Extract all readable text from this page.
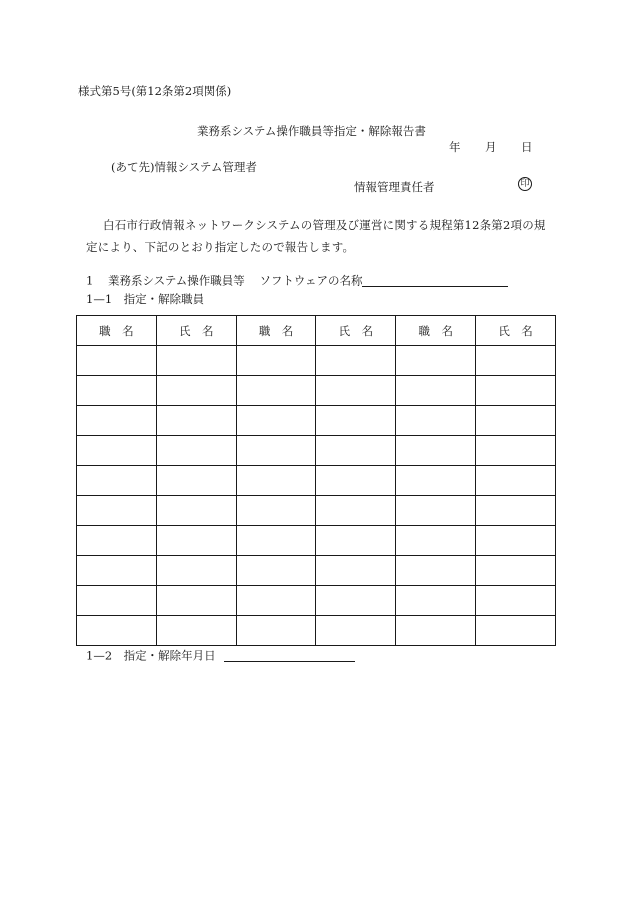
様式第5号(第12条第2項関係)
業務系システム操作職員等指定・解除報告書
年 月 日
(あて先)情報システム管理者
情報管理責任者	印
白石市行政情報ネットワークシステムの管理及び運営に関する規程第12条第2項の規定により、下記のとおり指定したので報告します。
1 業務系システム操作職員等 ソフトウェアの名称
1—1　指定・解除職員
職　名	氏　名	職　名	氏　名	職　名	氏　名

1—2　指定・解除年月日
